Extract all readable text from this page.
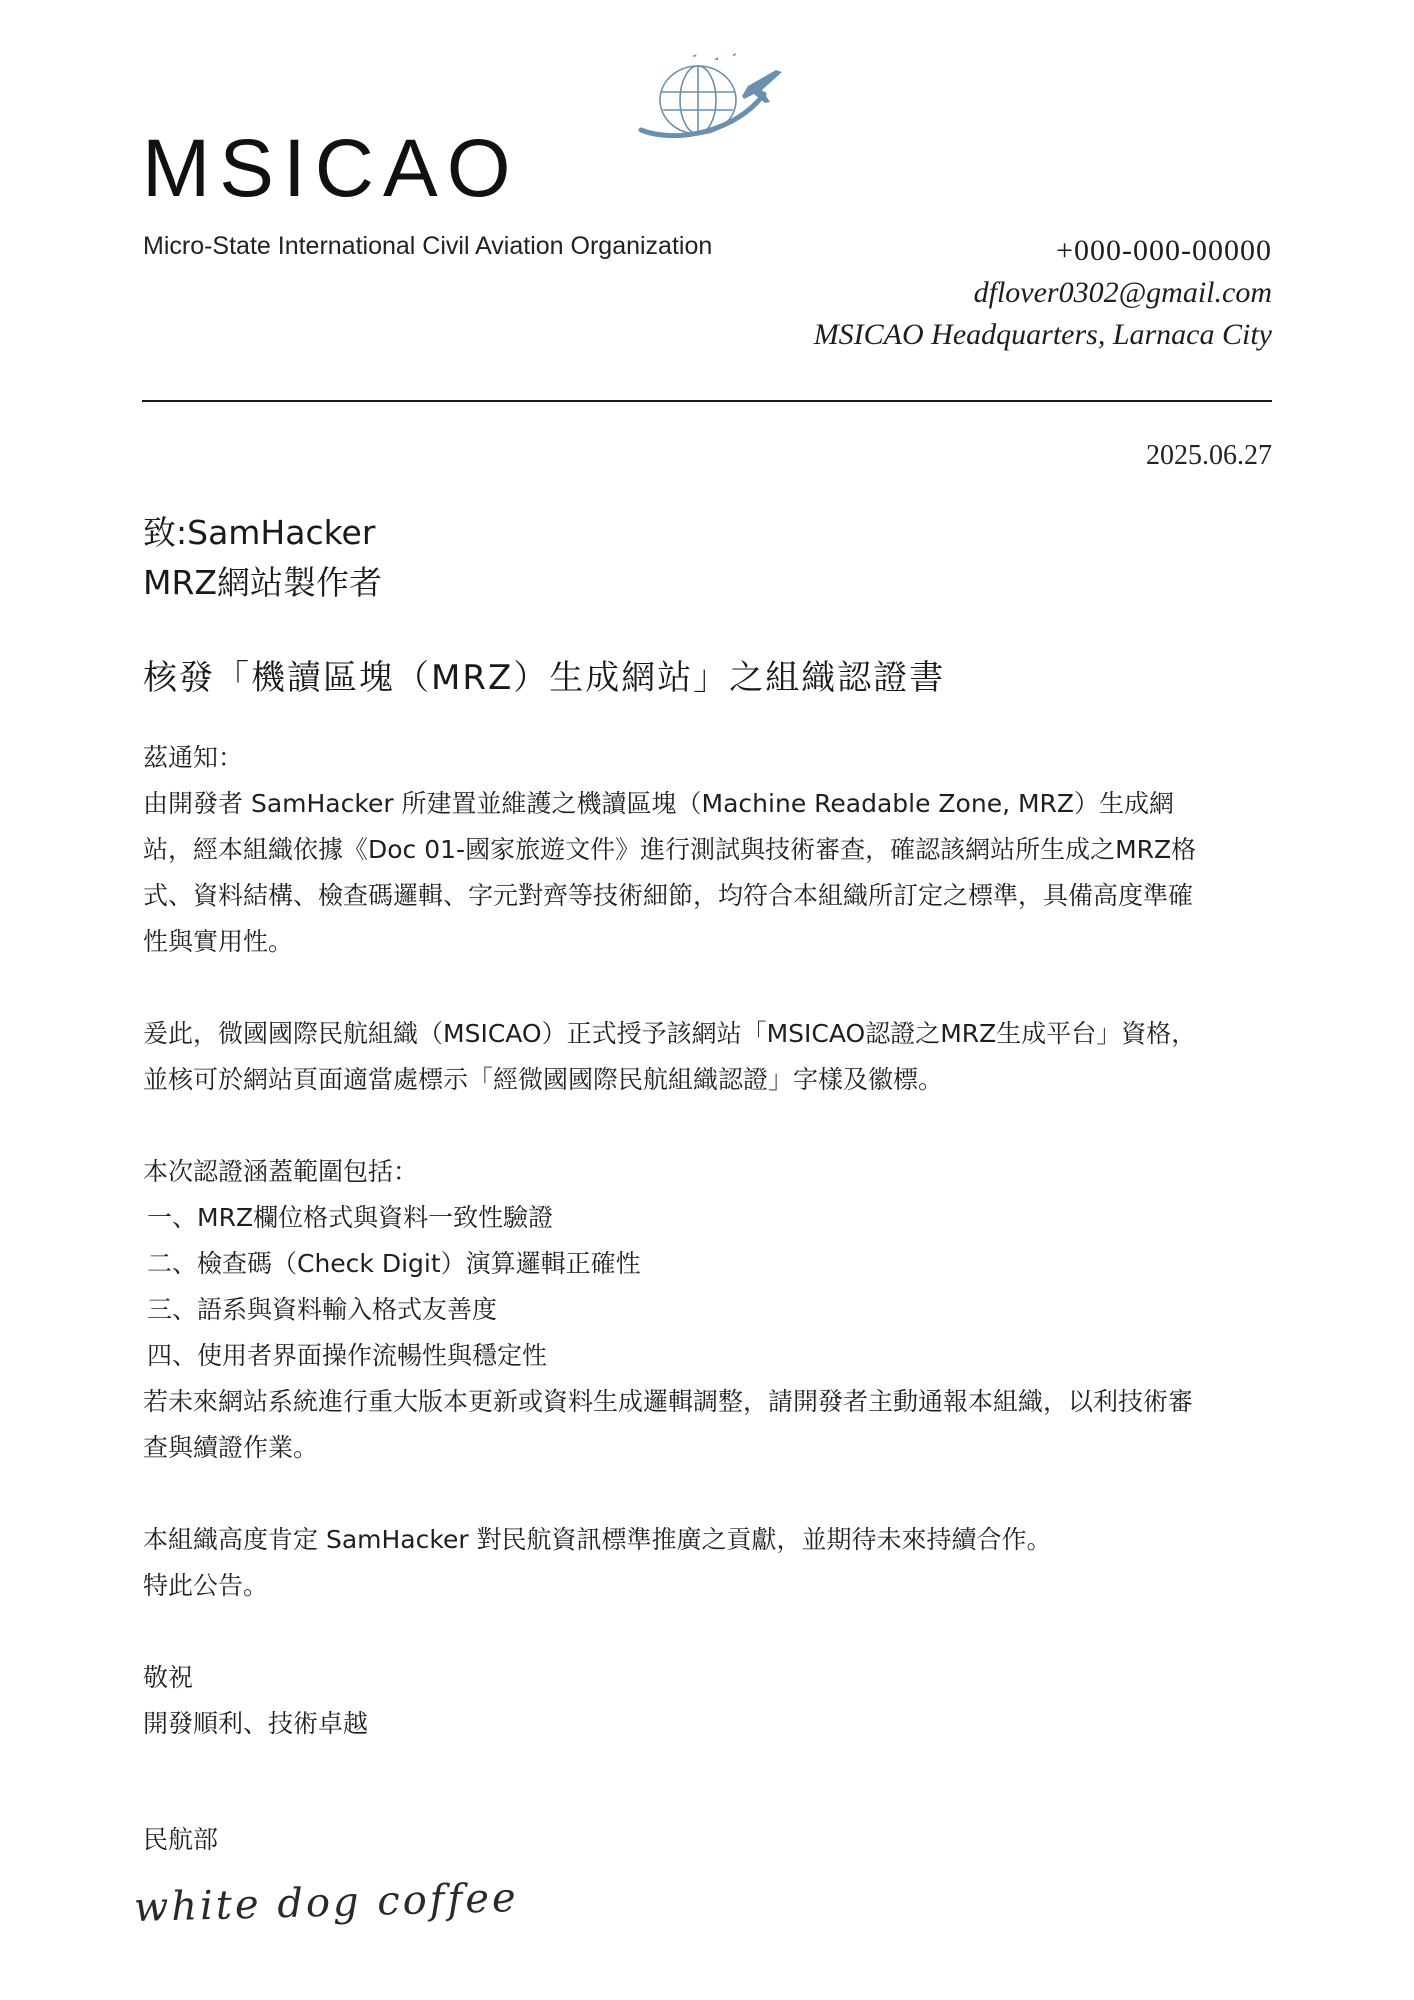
MSICAO
Micro-State International Civil Aviation Organization	+000-000-00000
dflover0302@gmail.com
MSICAO Headquarters, Larnaca City
2025.06.27
致:SamHacker
MRZ網站製作者
核發「機讀區塊（MRZ）生成網站」之組織認證書

茲通知：

由開發者 SamHacker 所建置並維護之機讀區塊（Machine Readable Zone, MRZ）生成網

站，經本組織依據《Doc 01-國家旅遊文件》進行測試與技術審查，確認該網站所生成之MRZ格

式、資料結構、檢查碼邏輯、字元對齊等技術細節，均符合本組織所訂定之標準，具備高度準確

性與實用性。

爰此，微國國際民航組織（MSICAO）正式授予該網站「MSICAO認證之MRZ生成平台」資格，

並核可於網站頁面適當處標示「經微國國際民航組織認證」字樣及徽標。

本次認證涵蓋範圍包括：

一、MRZ欄位格式與資料一致性驗證

二、檢查碼（Check Digit）演算邏輯正確性

三、語系與資料輸入格式友善度

四、使用者界面操作流暢性與穩定性

若未來網站系統進行重大版本更新或資料生成邏輯調整，請開發者主動通報本組織，以利技術審

查與續證作業。

本組織高度肯定 SamHacker 對民航資訊標準推廣之貢獻，並期待未來持續合作。

特此公告。

敬祝

開發順利、技術卓越

民航部
white dog coffee
